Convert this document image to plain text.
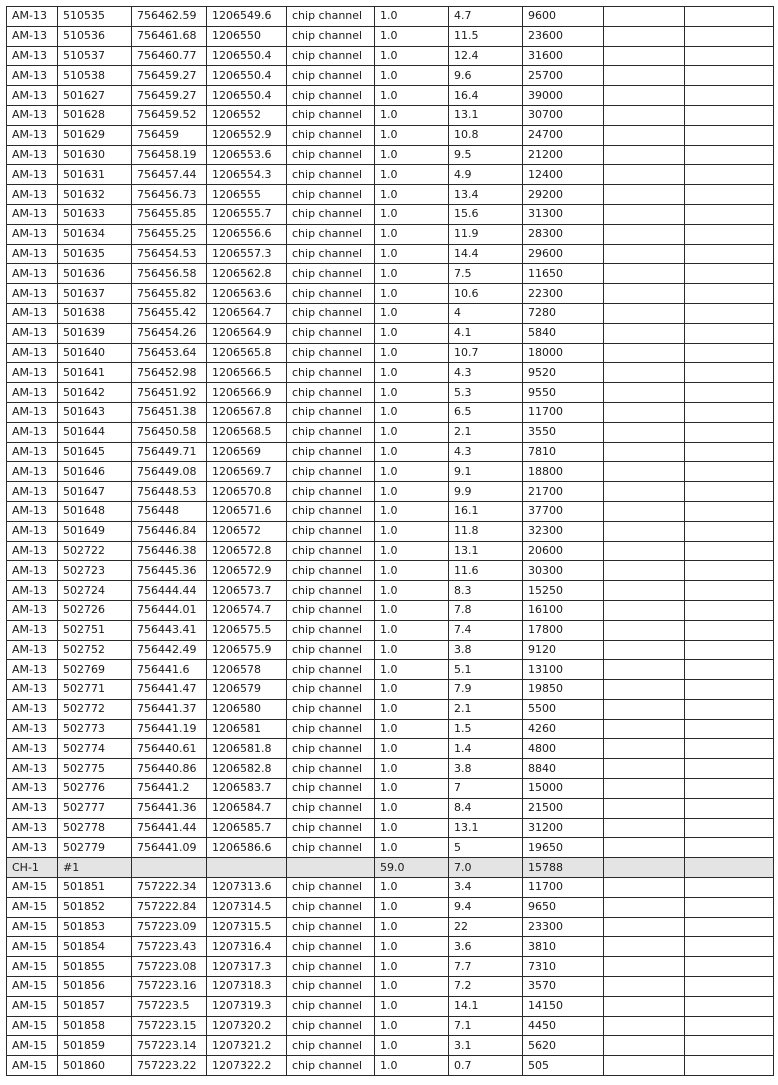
AM-13	510535	756462.59	1206549.6	chip channel	1.0	4.7	9600		
AM-13	510536	756461.68	1206550	chip channel	1.0	11.5	23600		
AM-13	510537	756460.77	1206550.4	chip channel	1.0	12.4	31600		
AM-13	510538	756459.27	1206550.4	chip channel	1.0	9.6	25700		
AM-13	501627	756459.27	1206550.4	chip channel	1.0	16.4	39000		
AM-13	501628	756459.52	1206552	chip channel	1.0	13.1	30700		
AM-13	501629	756459	1206552.9	chip channel	1.0	10.8	24700		
AM-13	501630	756458.19	1206553.6	chip channel	1.0	9.5	21200		
AM-13	501631	756457.44	1206554.3	chip channel	1.0	4.9	12400		
AM-13	501632	756456.73	1206555	chip channel	1.0	13.4	29200		
AM-13	501633	756455.85	1206555.7	chip channel	1.0	15.6	31300		
AM-13	501634	756455.25	1206556.6	chip channel	1.0	11.9	28300		
AM-13	501635	756454.53	1206557.3	chip channel	1.0	14.4	29600		
AM-13	501636	756456.58	1206562.8	chip channel	1.0	7.5	11650		
AM-13	501637	756455.82	1206563.6	chip channel	1.0	10.6	22300		
AM-13	501638	756455.42	1206564.7	chip channel	1.0	4	7280		
AM-13	501639	756454.26	1206564.9	chip channel	1.0	4.1	5840		
AM-13	501640	756453.64	1206565.8	chip channel	1.0	10.7	18000		
AM-13	501641	756452.98	1206566.5	chip channel	1.0	4.3	9520		
AM-13	501642	756451.92	1206566.9	chip channel	1.0	5.3	9550		
AM-13	501643	756451.38	1206567.8	chip channel	1.0	6.5	11700		
AM-13	501644	756450.58	1206568.5	chip channel	1.0	2.1	3550		
AM-13	501645	756449.71	1206569	chip channel	1.0	4.3	7810		
AM-13	501646	756449.08	1206569.7	chip channel	1.0	9.1	18800		
AM-13	501647	756448.53	1206570.8	chip channel	1.0	9.9	21700		
AM-13	501648	756448	1206571.6	chip channel	1.0	16.1	37700		
AM-13	501649	756446.84	1206572	chip channel	1.0	11.8	32300		
AM-13	502722	756446.38	1206572.8	chip channel	1.0	13.1	20600		
AM-13	502723	756445.36	1206572.9	chip channel	1.0	11.6	30300		
AM-13	502724	756444.44	1206573.7	chip channel	1.0	8.3	15250		
AM-13	502726	756444.01	1206574.7	chip channel	1.0	7.8	16100		
AM-13	502751	756443.41	1206575.5	chip channel	1.0	7.4	17800		
AM-13	502752	756442.49	1206575.9	chip channel	1.0	3.8	9120		
AM-13	502769	756441.6	1206578	chip channel	1.0	5.1	13100		
AM-13	502771	756441.47	1206579	chip channel	1.0	7.9	19850		
AM-13	502772	756441.37	1206580	chip channel	1.0	2.1	5500		
AM-13	502773	756441.19	1206581	chip channel	1.0	1.5	4260		
AM-13	502774	756440.61	1206581.8	chip channel	1.0	1.4	4800		
AM-13	502775	756440.86	1206582.8	chip channel	1.0	3.8	8840		
AM-13	502776	756441.2	1206583.7	chip channel	1.0	7	15000		
AM-13	502777	756441.36	1206584.7	chip channel	1.0	8.4	21500		
AM-13	502778	756441.44	1206585.7	chip channel	1.0	13.1	31200		
AM-13	502779	756441.09	1206586.6	chip channel	1.0	5	19650		
CH-1	#1				59.0	7.0	15788		
AM-15	501851	757222.34	1207313.6	chip channel	1.0	3.4	11700		
AM-15	501852	757222.84	1207314.5	chip channel	1.0	9.4	9650		
AM-15	501853	757223.09	1207315.5	chip channel	1.0	22	23300		
AM-15	501854	757223.43	1207316.4	chip channel	1.0	3.6	3810		
AM-15	501855	757223.08	1207317.3	chip channel	1.0	7.7	7310		
AM-15	501856	757223.16	1207318.3	chip channel	1.0	7.2	3570		
AM-15	501857	757223.5	1207319.3	chip channel	1.0	14.1	14150		
AM-15	501858	757223.15	1207320.2	chip channel	1.0	7.1	4450		
AM-15	501859	757223.14	1207321.2	chip channel	1.0	3.1	5620		
AM-15	501860	757223.22	1207322.2	chip channel	1.0	0.7	505		
